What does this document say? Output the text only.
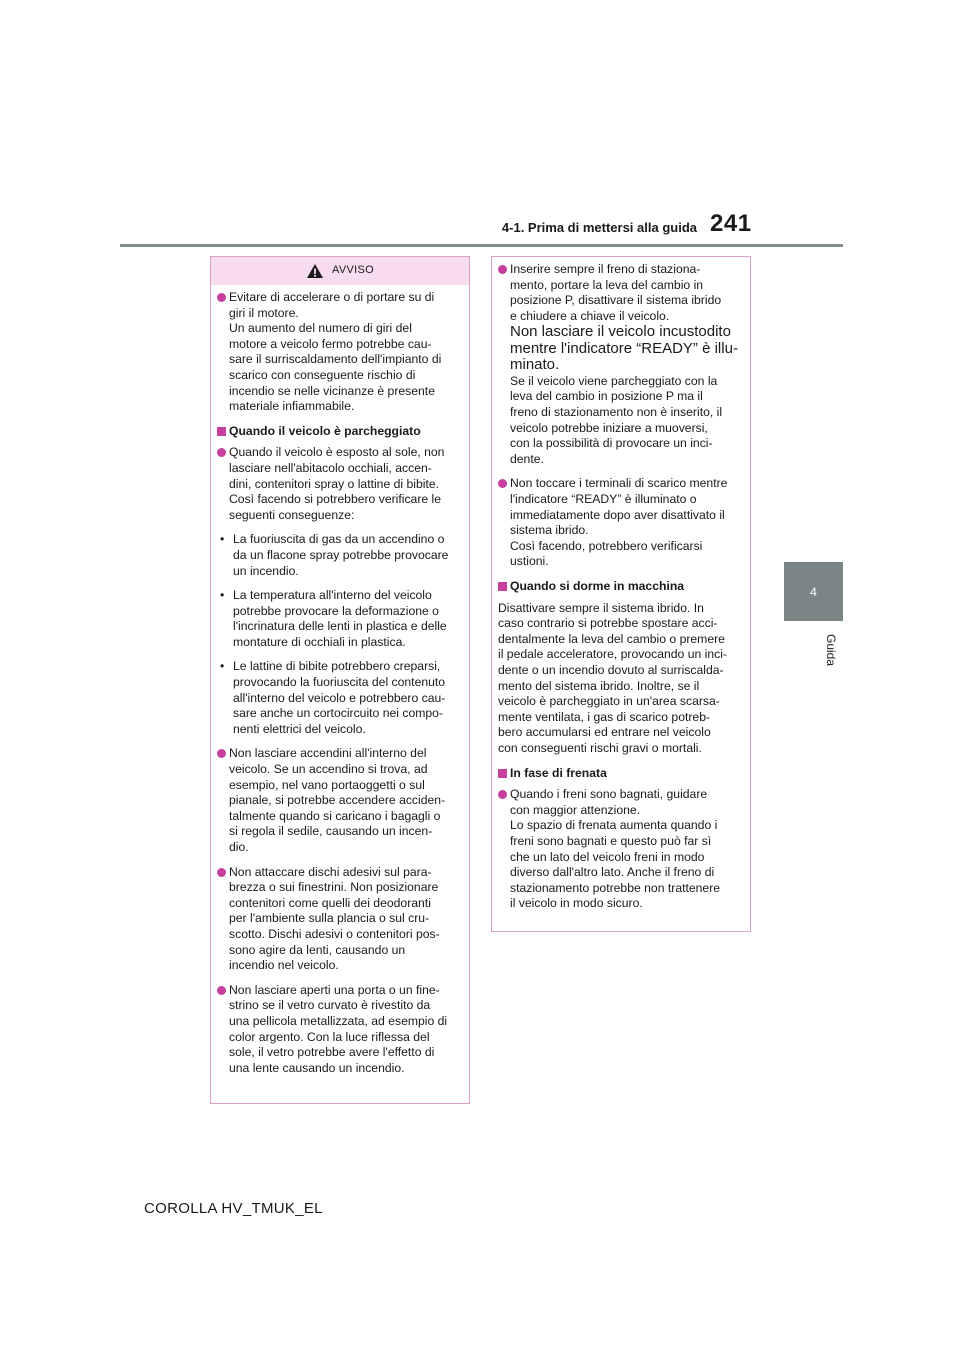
4-1. Prima di mettersi alla guida 241
4
Guida
AVVISO
Evitare di accelerare o di portare su di
giri il motore.
Un aumento del numero di giri del
motore a veicolo fermo potrebbe cau-
sare il surriscaldamento dell'impianto di
scarico con conseguente rischio di
incendio se nelle vicinanze è presente
materiale infiammabile.
Quando il veicolo è parcheggiato
Quando il veicolo è esposto al sole, non
lasciare nell'abitacolo occhiali, accen-
dini, contenitori spray o lattine di bibite.
Così facendo si potrebbero verificare le
seguenti conseguenze:
• La fuoriuscita di gas da un accendino o
da un flacone spray potrebbe provocare
un incendio.
• La temperatura all'interno del veicolo
potrebbe provocare la deformazione o
l'incrinatura delle lenti in plastica e delle
montature di occhiali in plastica.
• Le lattine di bibite potrebbero creparsi,
provocando la fuoriuscita del contenuto
all'interno del veicolo e potrebbero cau-
sare anche un cortocircuito nei compo-
nenti elettrici del veicolo.
Non lasciare accendini all'interno del
veicolo. Se un accendino si trova, ad
esempio, nel vano portaoggetti o sul
pianale, si potrebbe accendere acciden-
talmente quando si caricano i bagagli o
si regola il sedile, causando un incen-
dio.
Non attaccare dischi adesivi sul para-
brezza o sui finestrini. Non posizionare
contenitori come quelli dei deodoranti
per l'ambiente sulla plancia o sul cru-
scotto. Dischi adesivi o contenitori pos-
sono agire da lenti, causando un
incendio nel veicolo.
Non lasciare aperti una porta o un fine-
strino se il vetro curvato è rivestito da
una pellicola metallizzata, ad esempio di
color argento. Con la luce riflessa del
sole, il vetro potrebbe avere l'effetto di
una lente causando un incendio.
Inserire sempre il freno di staziona-
mento, portare la leva del cambio in
posizione P, disattivare il sistema ibrido
e chiudere a chiave il veicolo.
Non lasciare il veicolo incustodito
mentre l'indicatore “READY” è illu-
minato.
Se il veicolo viene parcheggiato con la
leva del cambio in posizione P ma il
freno di stazionamento non è inserito, il
veicolo potrebbe iniziare a muoversi,
con la possibilità di provocare un inci-
dente.
Non toccare i terminali di scarico mentre
l'indicatore “READY” è illuminato o
immediatamente dopo aver disattivato il
sistema ibrido.
Così facendo, potrebbero verificarsi
ustioni.
Quando si dorme in macchina
Disattivare sempre il sistema ibrido. In
caso contrario si potrebbe spostare acci-
dentalmente la leva del cambio o premere
il pedale acceleratore, provocando un inci-
dente o un incendio dovuto al surriscalda-
mento del sistema ibrido. Inoltre, se il
veicolo è parcheggiato in un'area scarsa-
mente ventilata, i gas di scarico potreb-
bero accumularsi ed entrare nel veicolo
con conseguenti rischi gravi o mortali.
In fase di frenata
Quando i freni sono bagnati, guidare
con maggior attenzione.
Lo spazio di frenata aumenta quando i
freni sono bagnati e questo può far sì
che un lato del veicolo freni in modo
diverso dall'altro lato. Anche il freno di
stazionamento potrebbe non trattenere
il veicolo in modo sicuro.
COROLLA HV_TMUK_EL
